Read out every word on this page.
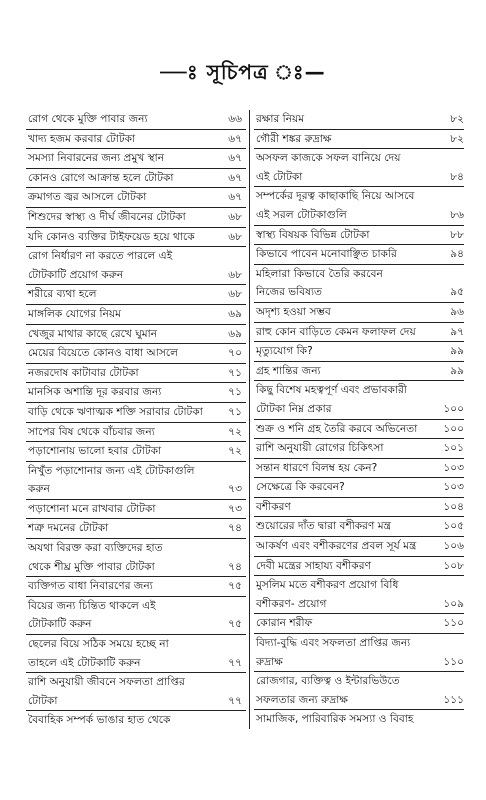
—ঃ সূচিপত্র ঃ—
রোগ থেকে মুক্তি পাবার জন্য	৬৬
খাদ্য হজম করবার টোটকা	৬৭
সমস্যা নিবারনের জন্য প্রমুখ স্থান	৬৭
কোনও রোগে আক্রান্ত হলে টোটকা	৬৭
ক্রমাগত জ্বর আসলে টোটকা	৬৭
শিশুদের স্বাস্থ্য ও দীর্ঘ জীবনের টোটকা	৬৮
যদি কোনও ব্যক্তির টাইফয়েড হয়ে থাকে	৬৮
রোগ নির্ধারণ না করতে পারলে এই
টোটকাটি প্রয়োগ করুন	৬৮
শরীরে ব্যথা হলে	৬৮
মাঙ্গলিক যোগের নিয়ম	৬৯
খেজুর মাথার কাছে রেখে ঘুমান	৬৯
মেয়ের বিয়েতে কোনও বাধা আসলে	৭০
নজরদোষ কাটাবার টোটকা	৭১
মানসিক অশান্তি দূর করবার জন্য	৭১
বাড়ি থেকে ঋণাত্মক শক্তি সরাবার টোটকা ৭১
সাপের বিষ থেকে বাঁচবার জন্য	৭২
পড়াশোনায় ভালো হবার টোটকা	৭২
নিখুঁত পড়াশোনার জন্য এই টোটকাগুলি
করুন	৭৩
পড়াশোনা মনে রাখবার টোটকা	৭৩
শত্রু দমনের টোটকা	৭৪
অযথা বিরক্ত করা ব্যক্তিদের হাত
থেকে শীঘ্র মুক্তি পাবার টোটকা	৭৪
ব্যক্তিগত বাধা নিবারণের জন্য	৭৫
বিয়ের জন্য চিন্তিত থাকলে এই
টোটকাটি করুন	৭৫
ছেলের বিয়ে সঠিক সময়ে হচ্ছে না
তাহলে এই টোটকাটি করুন	৭৭
রাশি অনুযায়ী জীবনে সফলতা প্রাপ্তির
টোটকা	৭৭
বৈবাহিক সম্পর্ক ভাঙার হাত থেকে
রক্ষার নিয়ম	৮২
গৌরী শঙ্কর রুদ্রাক্ষ	৮২
অসফল কাজকে সফল বানিয়ে দেয়
এই টোটকা	৮৪
সম্পর্কের দূরত্ব কাছাকাছি নিয়ে আসবে
এই সরল টোটকাগুলি	৮৬
স্বাস্থ্য বিষয়ক বিভিন্ন টোটকা	৮৮
কিভাবে পাবেন মনোবাঞ্ছিত চাকরি	৯৪
মহিলারা কিভাবে তৈরি করবেন
নিজের ভবিষ্যত	৯৫
অদৃশ্য হওয়া সম্ভব	৯৬
রাহু কোন বাড়িতে কেমন ফলাফল দেয়	৯৭
মৃত্যুযোগ কি?	৯৯
গ্রহ শান্তির জন্য	৯৯
কিছু বিশেষ মহত্বপূর্ণ এবং প্রভাবকারী
টোটকা নিম্ন প্রকার	১০০
শুক্র ও শনি গ্রহ তৈরি করবে অভিনেতা ১০০
রাশি অনুযায়ী রোগের চিকিৎসা	১০১
সন্তান ধারণে বিলম্ব হয় কেন?	১০৩
সেক্ষেত্রে কি করবেন?	১০৩
বশীকরণ	১০৪
শুয়োরের দাঁত দ্বারা বশীকরণ মন্ত্র	১০৫
আকর্ষণ এবং বশীকরণের প্রবল সূর্য মন্ত্র	১০৬
দেবী মন্ত্রের সাহায্য বশীকরণ	১০৮
মুসলিম মতে বশীকরণ প্রয়োগ বিধি
বশীকরণ- প্রয়োগ	১০৯
কোরান শরীফ	১১০
বিদ্যা-বুদ্ধি এবং সফলতা প্রাপ্তির জন্য
রুদ্রাক্ষ	১১০
রোজগার, ব্যক্তিত্ব ও ইন্টারভিউতে
সফলতার জন্য রুদ্রাক্ষ	১১১
সামাজিক, পারিবারিক সমস্যা ও বিবাহ
